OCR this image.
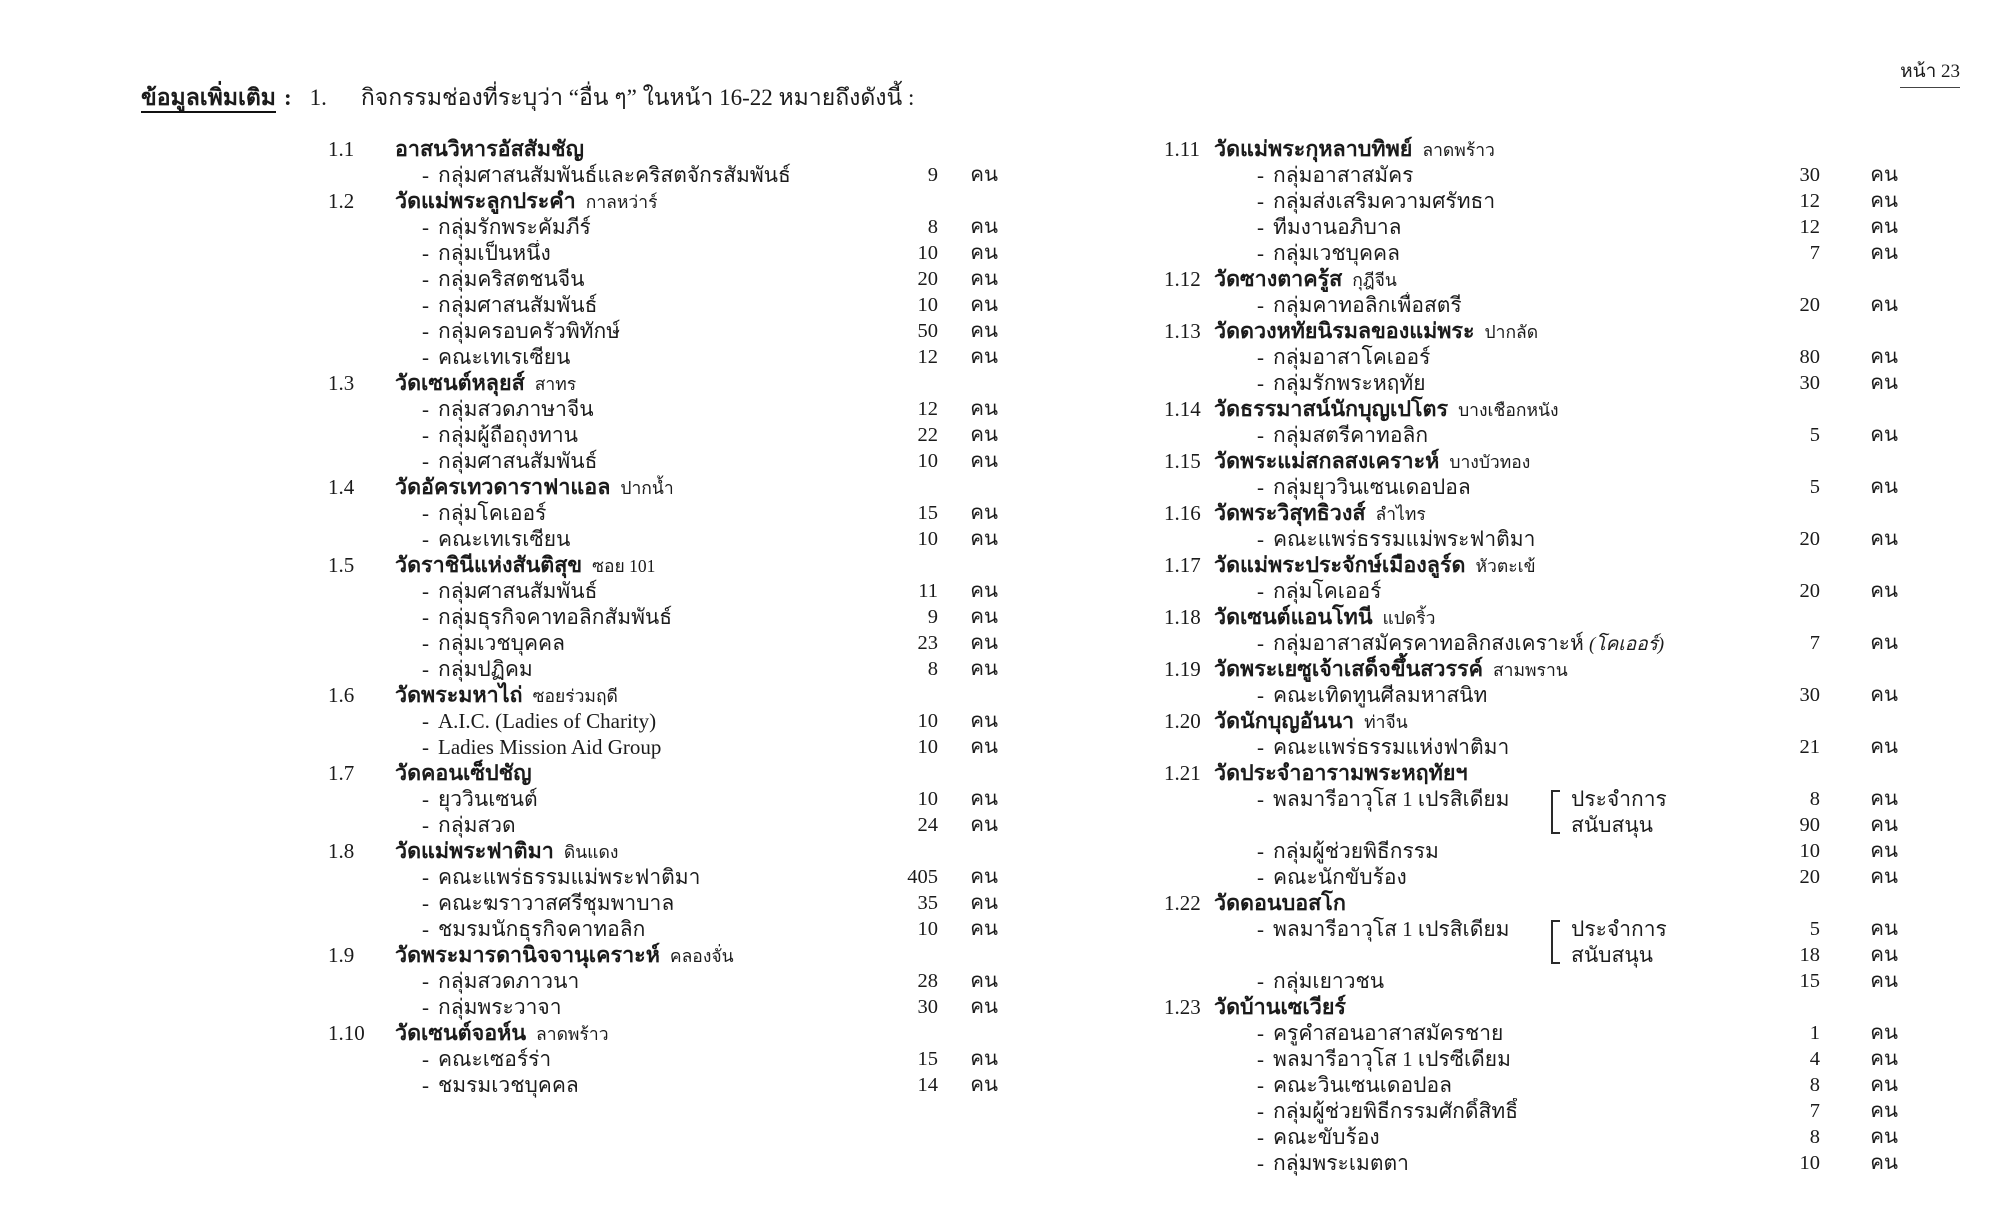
หน้า 23
ข้อมูลเพิ่มเติม : 1. กิจกรรมช่องที่ระบุว่า “อื่น ๆ” ในหน้า 16-22 หมายถึงดังนี้ :
1.1 อาสนวิหารอัสสัมชัญ
- กลุ่มศาสนสัมพันธ์และคริสตจักรสัมพันธ์	9	คน
1.2 วัดแม่พระลูกประคำ กาลหว่าร์
- กลุ่มรักพระคัมภีร์	8	คน
- กลุ่มเป็นหนึ่ง	10	คน
- กลุ่มคริสตชนจีน	20	คน
- กลุ่มศาสนสัมพันธ์	10	คน
- กลุ่มครอบครัวพิทักษ์	50	คน
- คณะเทเรเซียน	12	คน
1.3 วัดเซนต์หลุยส์ สาทร
- กลุ่มสวดภาษาจีน	12	คน
- กลุ่มผู้ถือถุงทาน	22	คน
- กลุ่มศาสนสัมพันธ์	10	คน
1.4 วัดอัครเทวดาราฟาแอล ปากน้ำ
- กลุ่มโคเออร์	15	คน
- คณะเทเรเซียน	10	คน
1.5 วัดราชินีแห่งสันติสุข ซอย 101
- กลุ่มศาสนสัมพันธ์	11	คน
- กลุ่มธุรกิจคาทอลิกสัมพันธ์	9	คน
- กลุ่มเวชบุคคล	23	คน
- กลุ่มปฏิคม	8	คน
1.6 วัดพระมหาไถ่ ซอยร่วมฤดี
- A.I.C. (Ladies of Charity)	10	คน
- Ladies Mission Aid Group	10	คน
1.7 วัดคอนเซ็ปชัญ
- ยุววินเซนต์	10	คน
- กลุ่มสวด	24	คน
1.8 วัดแม่พระฟาติมา ดินแดง
- คณะแพร่ธรรมแม่พระฟาติมา	405	คน
- คณะฆราวาสศรีชุมพาบาล	35	คน
- ชมรมนักธุรกิจคาทอลิก	10	คน
1.9 วัดพระมารดานิจจานุเคราะห์ คลองจั่น
- กลุ่มสวดภาวนา	28	คน
- กลุ่มพระวาจา	30	คน
1.10 วัดเซนต์จอห์น ลาดพร้าว
- คณะเซอร์ร่า	15	คน
- ชมรมเวชบุคคล	14	คน
1.11 วัดแม่พระกุหลาบทิพย์ ลาดพร้าว
- กลุ่มอาสาสมัคร	30	คน
- กลุ่มส่งเสริมความศรัทธา	12	คน
- ทีมงานอภิบาล	12	คน
- กลุ่มเวชบุคคล	7	คน
1.12 วัดซางตาครู้ส กุฎีจีน
- กลุ่มคาทอลิกเพื่อสตรี	20	คน
1.13 วัดดวงหทัยนิรมลของแม่พระ ปากลัด
- กลุ่มอาสาโคเออร์	80	คน
- กลุ่มรักพระหฤทัย	30	คน
1.14 วัดธรรมาสน์นักบุญเปโตร บางเชือกหนัง
- กลุ่มสตรีคาทอลิก	5	คน
1.15 วัดพระแม่สกลสงเคราะห์ บางบัวทอง
- กลุ่มยุววินเซนเดอปอล	5	คน
1.16 วัดพระวิสุทธิวงส์ ลำไทร
- คณะแพร่ธรรมแม่พระฟาติมา	20	คน
1.17 วัดแม่พระประจักษ์เมืองลูร์ด หัวตะเข้
- กลุ่มโคเออร์	20	คน
1.18 วัดเซนต์แอนโทนี แปดริ้ว
- กลุ่มอาสาสมัครคาทอลิกสงเคราะห์ (โคเออร์)	7	คน
1.19 วัดพระเยซูเจ้าเสด็จขึ้นสวรรค์ สามพราน
- คณะเทิดทูนศีลมหาสนิท	30	คน
1.20 วัดนักบุญอันนา ท่าจีน
- คณะแพร่ธรรมแห่งฟาติมา	21	คน
1.21 วัดประจำอารามพระหฤทัยฯ
- พลมารีอาวุโส 1 เปรสิเดียม	ประจำการ	8	คน
สนับสนุน	90	คน
- กลุ่มผู้ช่วยพิธีกรรม	10	คน
- คณะนักขับร้อง	20	คน
1.22 วัดดอนบอสโก
- พลมารีอาวุโส 1 เปรสิเดียม	ประจำการ	5	คน
สนับสนุน	18	คน
- กลุ่มเยาวชน	15	คน
1.23 วัดบ้านเซเวียร์
- ครูคำสอนอาสาสมัครชาย	1	คน
- พลมารีอาวุโส 1 เปรซีเดียม	4	คน
- คณะวินเซนเดอปอล	8	คน
- กลุ่มผู้ช่วยพิธีกรรมศักดิ์สิทธิ์	7	คน
- คณะขับร้อง	8	คน
- กลุ่มพระเมตตา	10	คน
